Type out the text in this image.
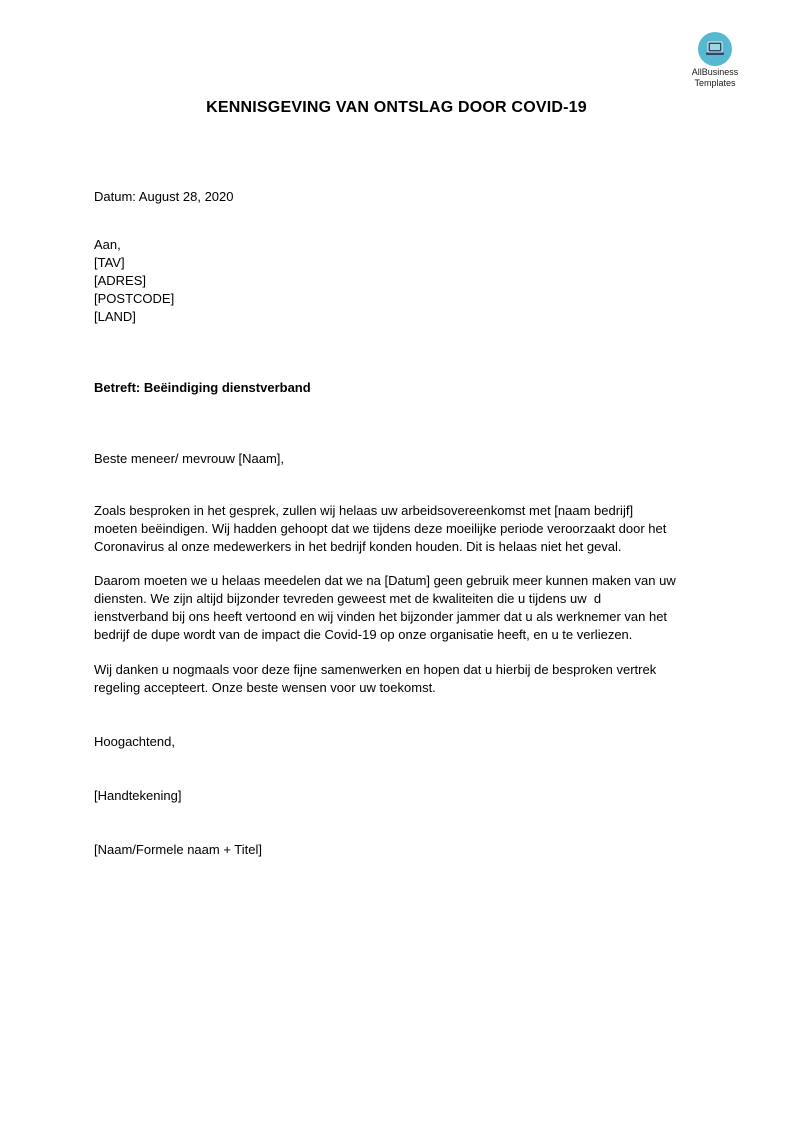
AllBusiness
Templates
KENNISGEVING VAN ONTSLAG DOOR COVID-19
Datum: August 28, 2020
Aan,
[TAV]
[ADRES]
[POSTCODE]
[LAND]
Betreft: Beëindiging dienstverband
Beste meneer/ mevrouw [Naam],
Zoals besproken in het gesprek, zullen wij helaas uw arbeidsovereenkomst met [naam bedrijf]
moeten beëindigen. Wij hadden gehoopt dat we tijdens deze moeilijke periode veroorzaakt door het
Coronavirus al onze medewerkers in het bedrijf konden houden. Dit is helaas niet het geval.
Daarom moeten we u helaas meedelen dat we na [Datum] geen gebruik meer kunnen maken van uw
diensten. We zijn altijd bijzonder tevreden geweest met de kwaliteiten die u tijdens uw  d
ienstverband bij ons heeft vertoond en wij vinden het bijzonder jammer dat u als werknemer van het
bedrijf de dupe wordt van de impact die Covid-19 op onze organisatie heeft, en u te verliezen.
Wij danken u nogmaals voor deze fijne samenwerken en hopen dat u hierbij de besproken vertrek
regeling accepteert. Onze beste wensen voor uw toekomst.
Hoogachtend,
[Handtekening]
[Naam/Formele naam + Titel]
